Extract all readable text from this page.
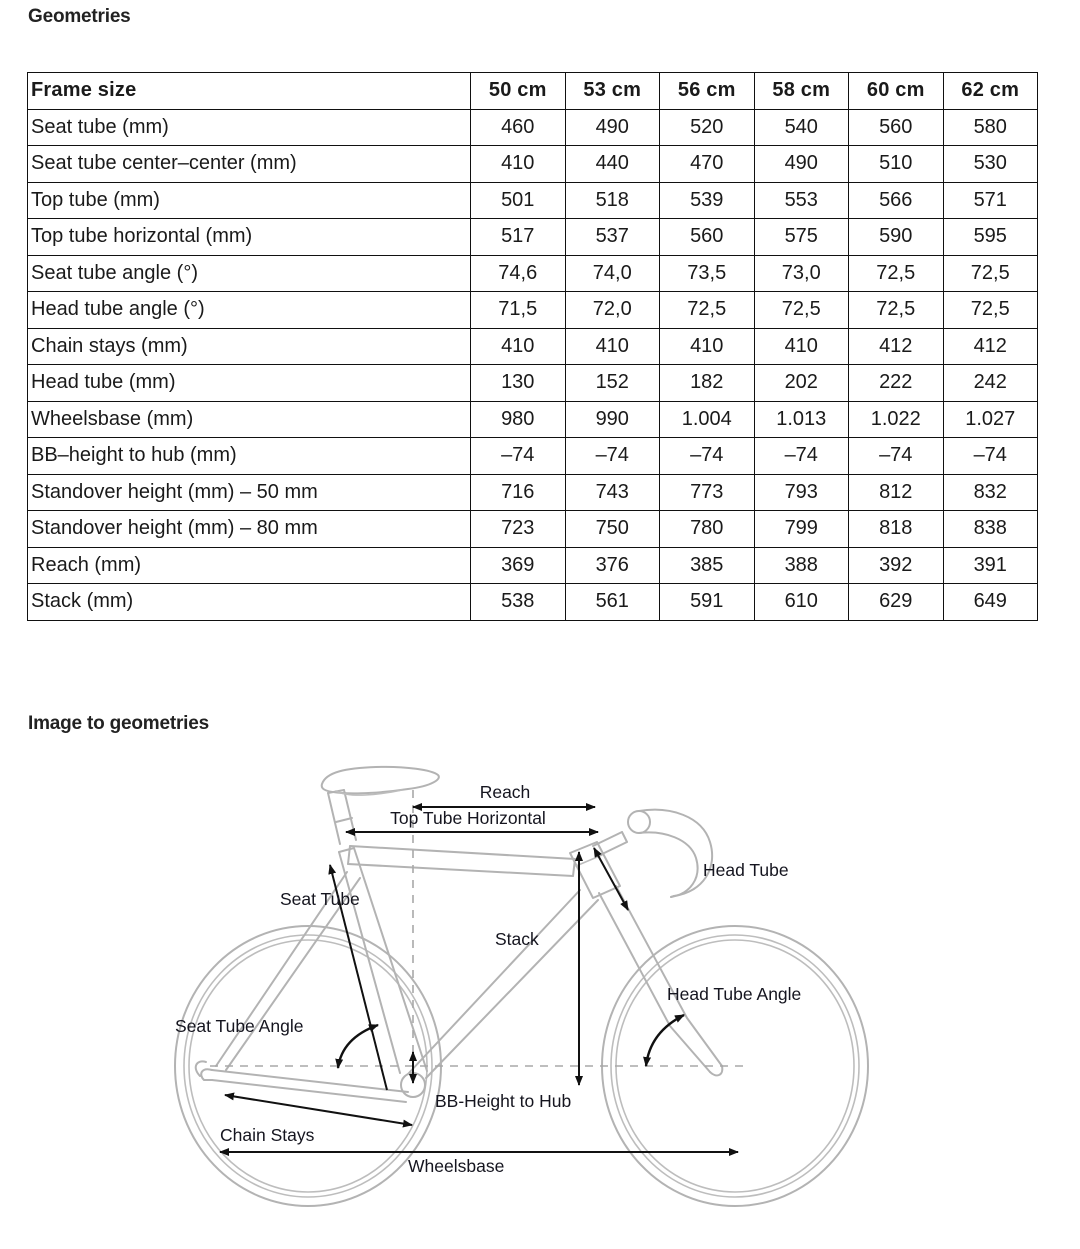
Geometries
Frame size	50 cm	53 cm	56 cm	58 cm	60 cm	62 cm
Seat tube (mm)	460	490	520	540	560	580
Seat tube center–center (mm)	410	440	470	490	510	530
Top tube (mm)	501	518	539	553	566	571
Top tube horizontal (mm)	517	537	560	575	590	595
Seat tube angle (°)	74,6	74,0	73,5	73,0	72,5	72,5
Head tube angle (°)	71,5	72,0	72,5	72,5	72,5	72,5
Chain stays (mm)	410	410	410	410	412	412
Head tube (mm)	130	152	182	202	222	242
Wheelsbase (mm)	980	990	1.004	1.013	1.022	1.027
BB–height to hub (mm)	–74	–74	–74	–74	–74	–74
Standover height (mm) – 50 mm	716	743	773	793	812	832
Standover height (mm) – 80 mm	723	750	780	799	818	838
Reach (mm)	369	376	385	388	392	391
Stack (mm)	538	561	591	610	629	649
Image to geometries
Reach
Top Tube Horizontal
Head Tube
Seat Tube
Stack
Head Tube Angle
Seat Tube Angle
BB-Height to Hub
Chain Stays
Wheelsbase
